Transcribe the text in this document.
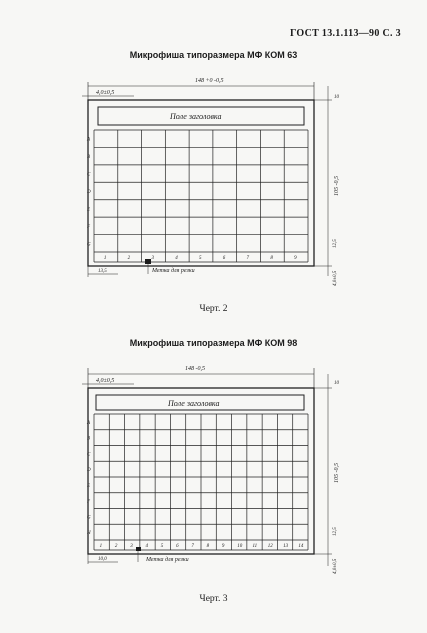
ГОСТ 13.1.113—90 С. 3
Микрофиша типоразмера МФ КОМ 63
148 +0 -0,5
4,0±0,5
Поле заголовка
A
B
C
D
E
F
G
1	2	3	4	5	6	7	8	9
10
105 -0,5
12,5
4,0±0,5
13,5	Метка для резки
Черт. 2
Микрофиша типоразмера МФ КОМ 98
148 -0,5
4,0±0,5
Поле заголовка
A
B
C
D
E
F
G
H
1	2	3	4	5	6	7	8	9	10 11 12 13 14
10
105 -0,5
12,5
4,0±0,5
10,0	Метка для резки
Черт. 3
